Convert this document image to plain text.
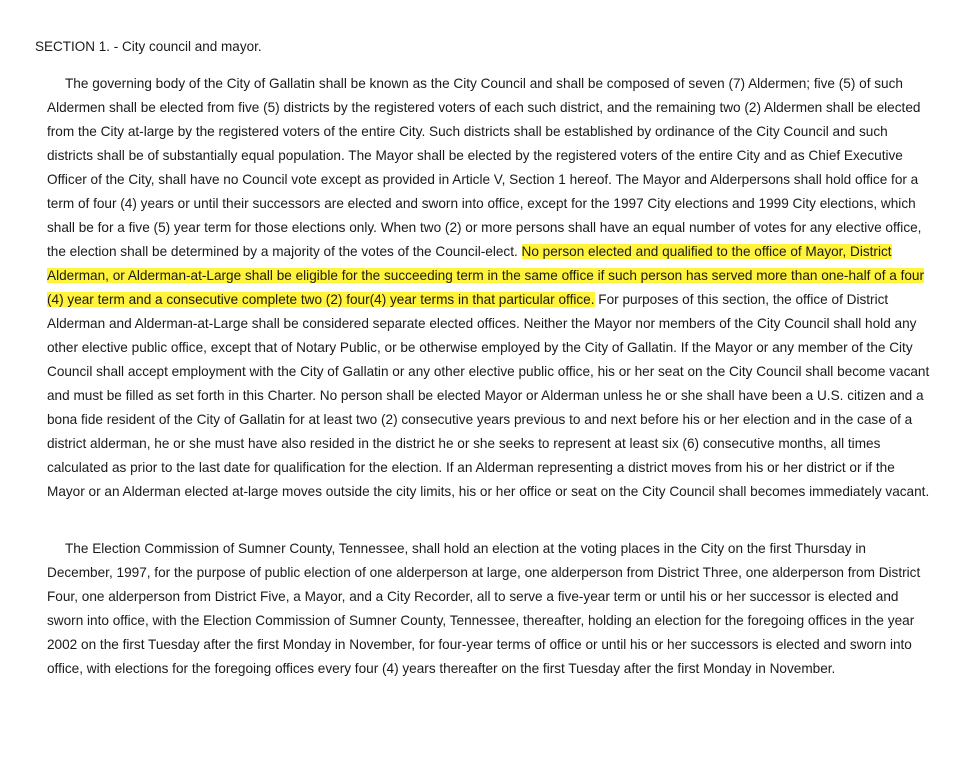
SECTION 1. - City council and mayor.

The governing body of the City of Gallatin shall be known as the City Council and shall be composed of seven (7) Aldermen; five (5) of such Aldermen shall be elected from five (5) districts by the registered voters of each such district, and the remaining two (2) Aldermen shall be elected from the City at-large by the registered voters of the entire City. Such districts shall be established by ordinance of the City Council and such districts shall be of substantially equal population. The Mayor shall be elected by the registered voters of the entire City and as Chief Executive Officer of the City, shall have no Council vote except as provided in Article V, Section 1 hereof. The Mayor and Alderpersons shall hold office for a term of four (4) years or until their successors are elected and sworn into office, except for the 1997 City elections and 1999 City elections, which shall be for a five (5) year term for those elections only. When two (2) or more persons shall have an equal number of votes for any elective office, the election shall be determined by a majority of the votes of the Council-elect. No person elected and qualified to the office of Mayor, District Alderman, or Alderman-at-Large shall be eligible for the succeeding term in the same office if such person has served more than one-half of a four (4) year term and a consecutive complete two (2) four(4) year terms in that particular office. For purposes of this section, the office of District Alderman and Alderman-at-Large shall be considered separate elected offices. Neither the Mayor nor members of the City Council shall hold any other elective public office, except that of Notary Public, or be otherwise employed by the City of Gallatin. If the Mayor or any member of the City Council shall accept employment with the City of Gallatin or any other elective public office, his or her seat on the City Council shall become vacant and must be filled as set forth in this Charter. No person shall be elected Mayor or Alderman unless he or she shall have been a U.S. citizen and a bona fide resident of the City of Gallatin for at least two (2) consecutive years previous to and next before his or her election and in the case of a district alderman, he or she must have also resided in the district he or she seeks to represent at least six (6) consecutive months, all times calculated as prior to the last date for qualification for the election. If an Alderman representing a district moves from his or her district or if the Mayor or an Alderman elected at-large moves outside the city limits, his or her office or seat on the City Council shall becomes immediately vacant.

The Election Commission of Sumner County, Tennessee, shall hold an election at the voting places in the City on the first Thursday in December, 1997, for the purpose of public election of one alderperson at large, one alderperson from District Three, one alderperson from District Four, one alderperson from District Five, a Mayor, and a City Recorder, all to serve a five-year term or until his or her successor is elected and sworn into office, with the Election Commission of Sumner County, Tennessee, thereafter, holding an election for the foregoing offices in the year 2002 on the first Tuesday after the first Monday in November, for four-year terms of office or until his or her successors is elected and sworn into office, with elections for the foregoing offices every four (4) years thereafter on the first Tuesday after the first Monday in November.
